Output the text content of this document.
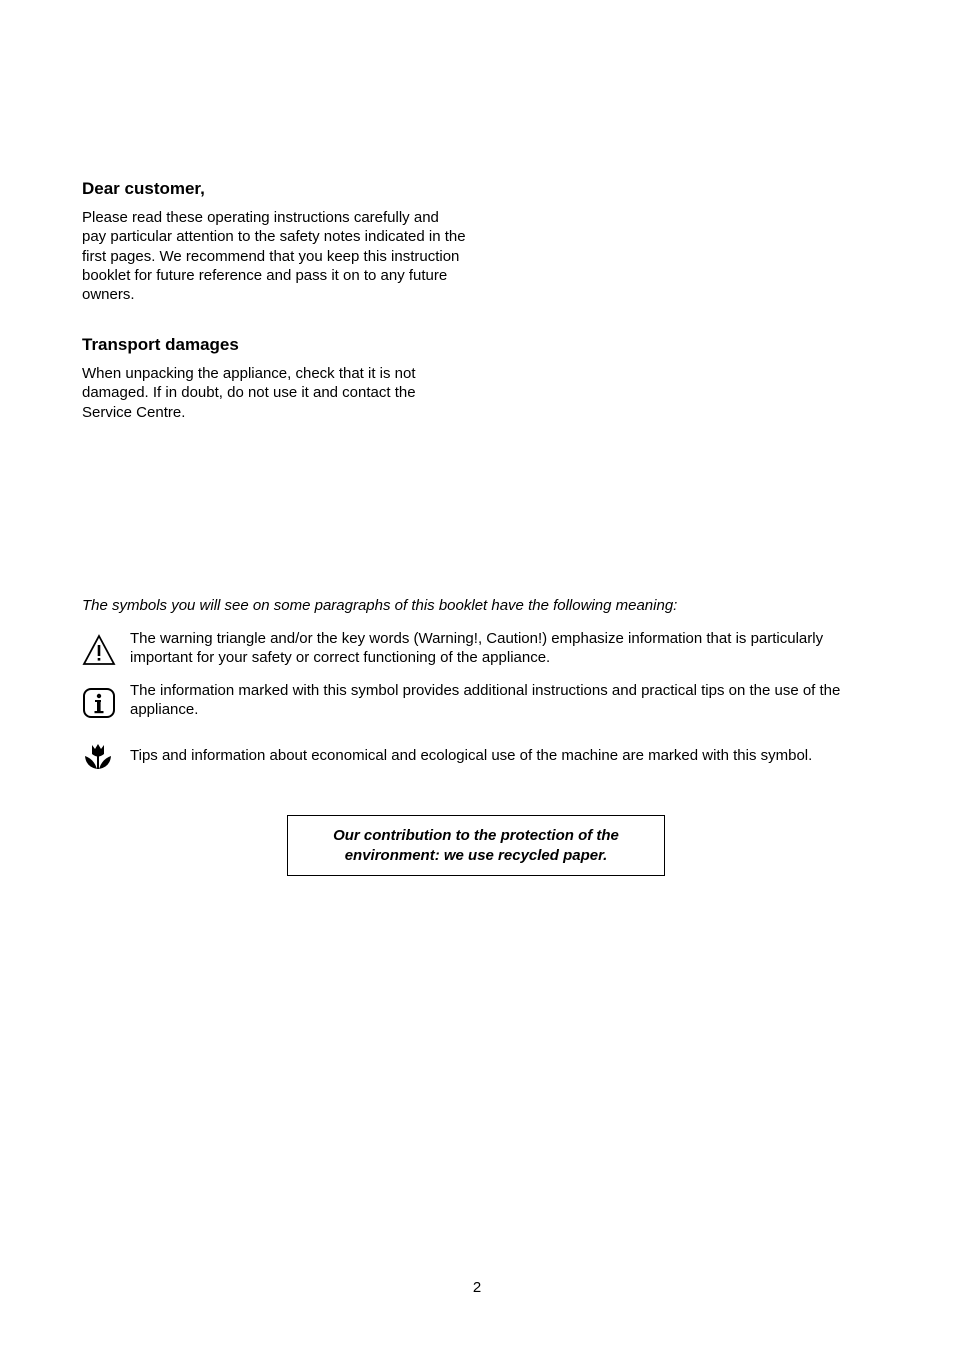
Dear customer,

Please read these operating instructions carefully and pay particular attention to the safety notes indicated in the first pages. We recommend that you keep this instruction booklet for future reference and pass it on to any future owners.

Transport damages

When unpacking the appliance, check that it is not damaged. If in doubt, do not use it and contact the Service Centre.

The symbols you will see on some paragraphs of this booklet have the following meaning:
The warning triangle and/or the key words (Warning!, Caution!) emphasize information that is particularly important for your safety or correct functioning of the appliance.
The information marked with this symbol provides additional instructions and practical tips on the use of the appliance.
Tips and information about economical and ecological use of the machine are marked with this symbol.
Our contribution to the protection of the environment: we use recycled paper.
2
